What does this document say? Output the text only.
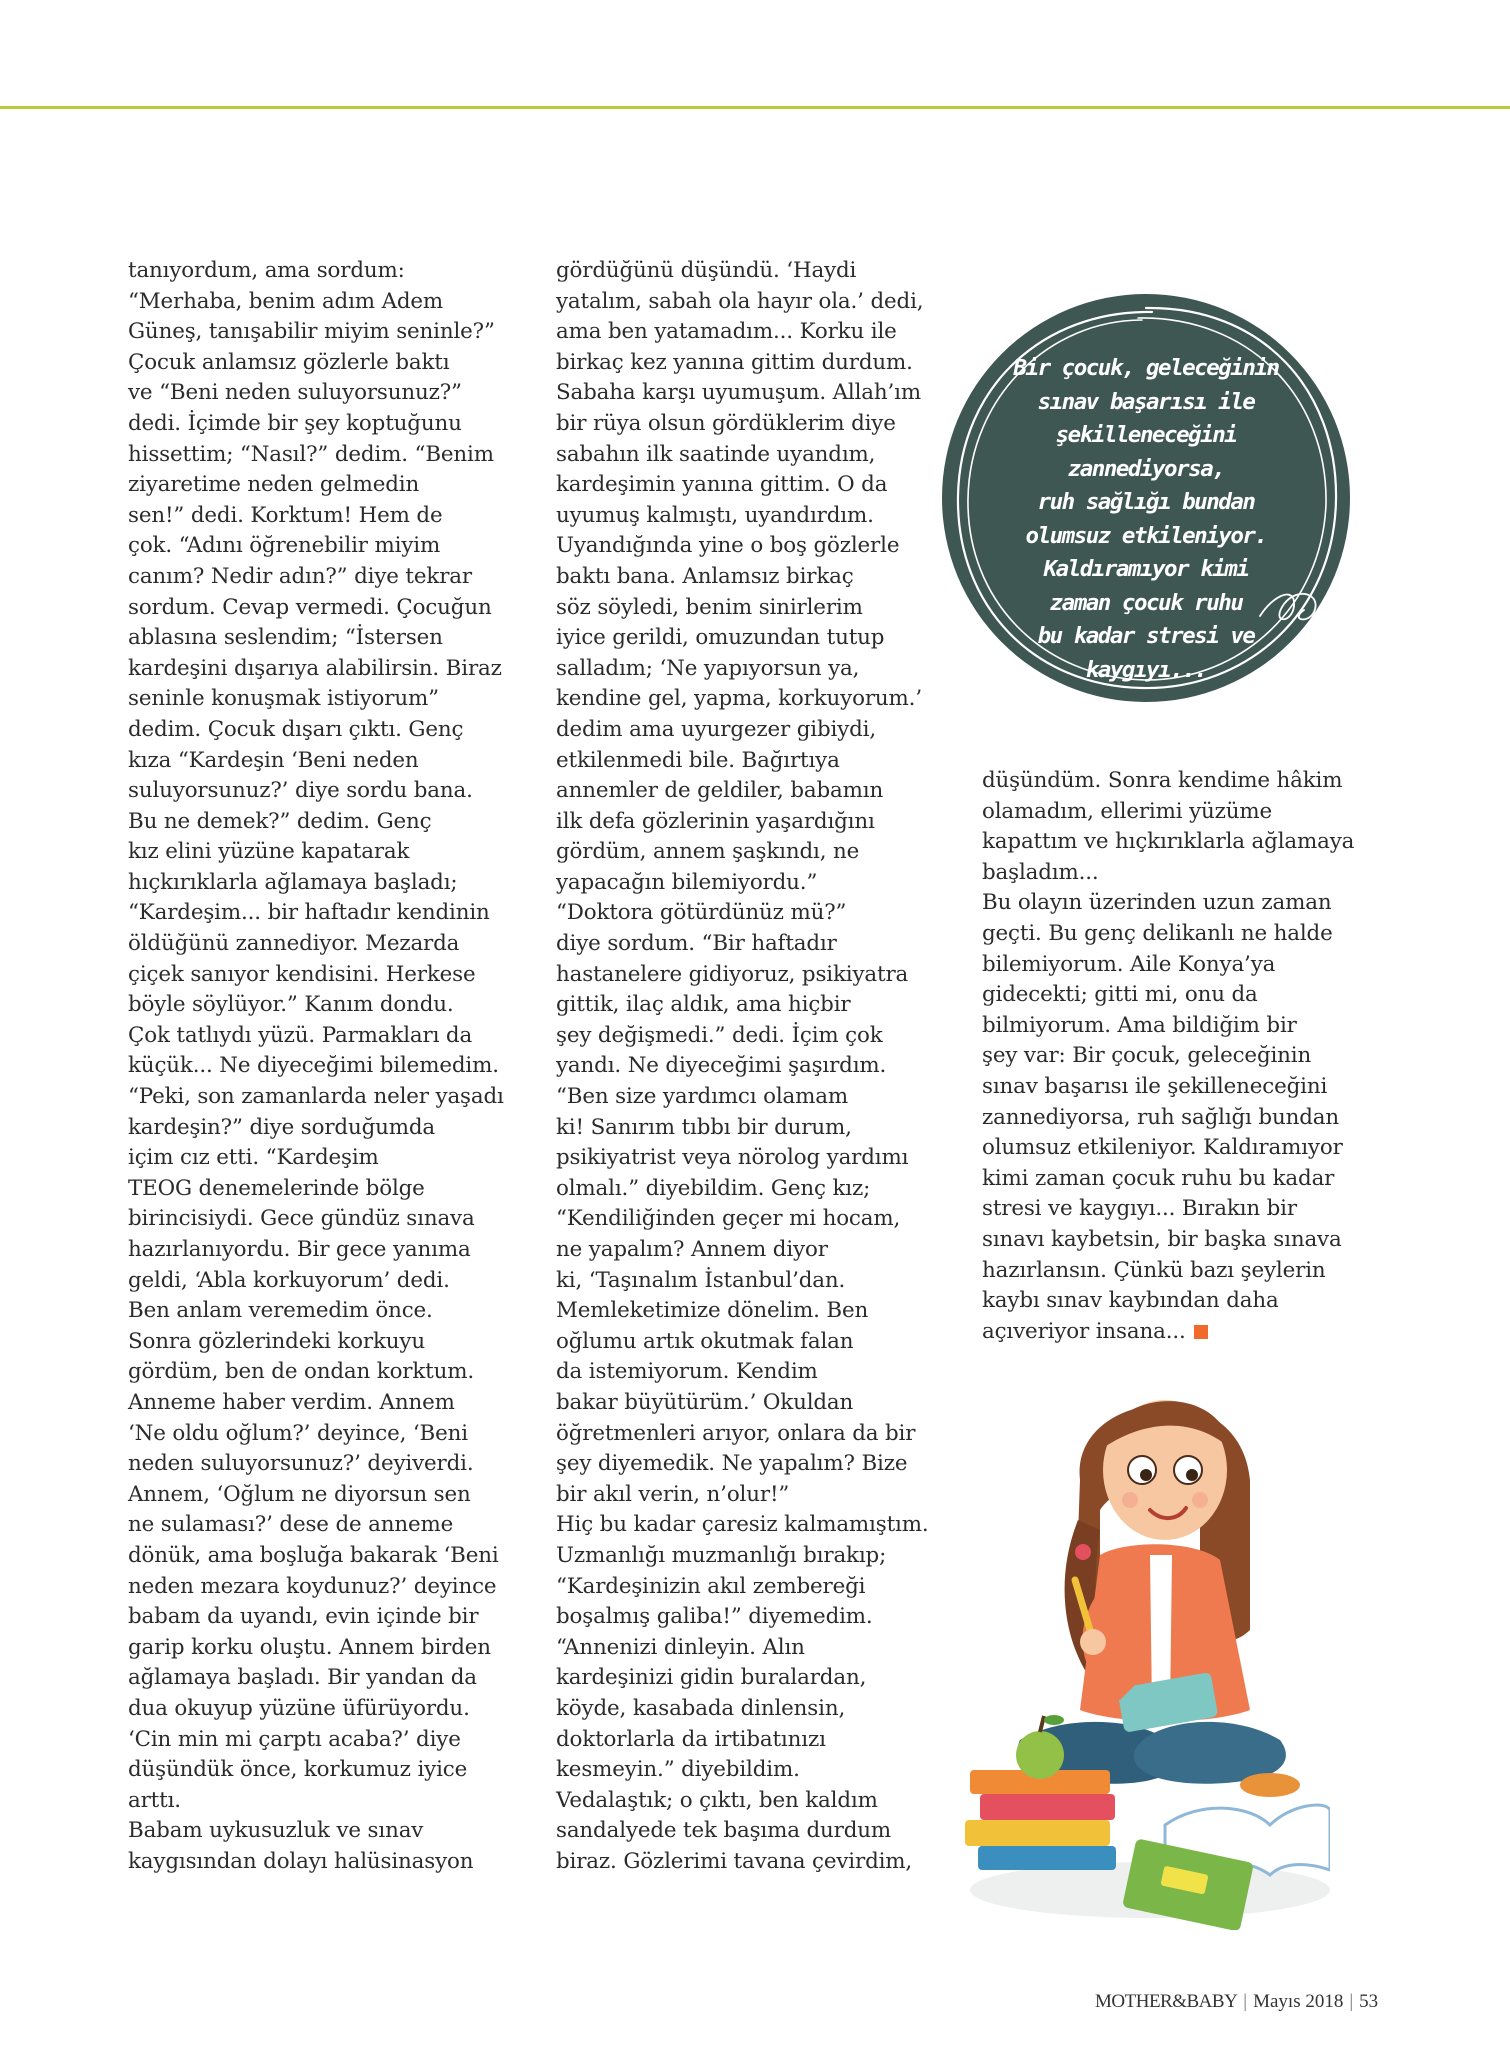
tanıyordum, ama sordum:

“Merhaba, benim adım Adem

Güneş, tanışabilir miyim seninle?”

Çocuk anlamsız gözlerle baktı

ve “Beni neden suluyorsunuz?”

dedi. İçimde bir şey koptuğunu

hissettim; “Nasıl?” dedim. “Benim

ziyaretime neden gelmedin

sen!” dedi. Korktum! Hem de

çok. “Adını öğrenebilir miyim

canım? Nedir adın?” diye tekrar

sordum. Cevap vermedi. Çocuğun

ablasına seslendim; “İstersen

kardeşini dışarıya alabilirsin. Biraz

seninle konuşmak istiyorum”

dedim. Çocuk dışarı çıktı. Genç

kıza “Kardeşin ‘Beni neden

suluyorsunuz?’ diye sordu bana.

Bu ne demek?” dedim. Genç

kız elini yüzüne kapatarak

hıçkırıklarla ağlamaya başladı;

“Kardeşim... bir haftadır kendinin

öldüğünü zannediyor. Mezarda

çiçek sanıyor kendisini. Herkese

böyle söylüyor.” Kanım dondu.

Çok tatlıydı yüzü. Parmakları da

küçük... Ne diyeceğimi bilemedim.

“Peki, son zamanlarda neler yaşadı

kardeşin?” diye sorduğumda

içim cız etti. “Kardeşim

TEOG denemelerinde bölge

birincisiydi. Gece gündüz sınava

hazırlanıyordu. Bir gece yanıma

geldi, ‘Abla korkuyorum’ dedi.

Ben anlam veremedim önce.

Sonra gözlerindeki korkuyu

gördüm, ben de ondan korktum.

Anneme haber verdim. Annem

‘Ne oldu oğlum?’ deyince, ‘Beni

neden suluyorsunuz?’ deyiverdi.

Annem, ‘Oğlum ne diyorsun sen

ne sulaması?’ dese de anneme

dönük, ama boşluğa bakarak ‘Beni

neden mezara koydunuz?’ deyince

babam da uyandı, evin içinde bir

garip korku oluştu. Annem birden

ağlamaya başladı. Bir yandan da

dua okuyup yüzüne üfürüyordu.

‘Cin min mi çarptı acaba?’ diye

düşündük önce, korkumuz iyice

arttı.

Babam uykusuzluk ve sınav

kaygısından dolayı halüsinasyon

gördüğünü düşündü. ‘Haydi

yatalım, sabah ola hayır ola.’ dedi,

ama ben yatamadım... Korku ile

birkaç kez yanına gittim durdum.

Sabaha karşı uyumuşum. Allah’ım

bir rüya olsun gördüklerim diye

sabahın ilk saatinde uyandım,

kardeşimin yanına gittim. O da

uyumuş kalmıştı, uyandırdım.

Uyandığında yine o boş gözlerle

baktı bana. Anlamsız birkaç

söz söyledi, benim sinirlerim

iyice gerildi, omuzundan tutup

salladım; ‘Ne yapıyorsun ya,

kendine gel, yapma, korkuyorum.’

dedim ama uyurgezer gibiydi,

etkilenmedi bile. Bağırtıya

annemler de geldiler, babamın

ilk defa gözlerinin yaşardığını

gördüm, annem şaşkındı, ne

yapacağın bilemiyordu.”

“Doktora götürdünüz mü?”

diye sordum. “Bir haftadır

hastanelere gidiyoruz, psikiyatra

gittik, ilaç aldık, ama hiçbir

şey değişmedi.” dedi. İçim çok

yandı. Ne diyeceğimi şaşırdım.

“Ben size yardımcı olamam

ki! Sanırım tıbbı bir durum,

psikiyatrist veya nörolog yardımı

olmalı.” diyebildim. Genç kız;

“Kendiliğinden geçer mi hocam,

ne yapalım? Annem diyor

ki, ‘Taşınalım İstanbul’dan.

Memleketimize dönelim. Ben

oğlumu artık okutmak falan

da istemiyorum. Kendim

bakar büyütürüm.’ Okuldan

öğretmenleri arıyor, onlara da bir

şey diyemedik. Ne yapalım? Bize

bir akıl verin, n’olur!”

Hiç bu kadar çaresiz kalmamıştım.

Uzmanlığı muzmanlığı bırakıp;

“Kardeşinizin akıl zembereği

boşalmış galiba!” diyemedim.

“Annenizi dinleyin. Alın

kardeşinizi gidin buralardan,

köyde, kasabada dinlensin,

doktorlarla da irtibatınızı

kesmeyin.” diyebildim.

Vedalaştık; o çıktı, ben kaldım

sandalyede tek başıma durdum

biraz. Gözlerimi tavana çevirdim,

düşündüm. Sonra kendime hâkim

olamadım, ellerimi yüzüme

kapattım ve hıçkırıklarla ağlamaya

başladım...

Bu olayın üzerinden uzun zaman

geçti. Bu genç delikanlı ne halde

bilemiyorum. Aile Konya’ya

gidecekti; gitti mi, onu da

bilmiyorum. Ama bildiğim bir

şey var: Bir çocuk, geleceğinin

sınav başarısı ile şekilleneceğini

zannediyorsa, ruh sağlığı bundan

olumsuz etkileniyor. Kaldıramıyor

kimi zaman çocuk ruhu bu kadar

stresi ve kaygıyı... Bırakın bir

sınavı kaybetsin, bir başka sınava

hazırlansın. Çünkü bazı şeylerin

kaybı sınav kaybından daha

açıveriyor insana...

Bir çocuk, geleceğinin
sınav başarısı ile
şekilleneceğini
zannediyorsa,
ruh sağlığı bundan
olumsuz etkileniyor.
Kaldıramıyor kimi
zaman çocuk ruhu
bu kadar stresi ve
kaygıyı...

MOTHER&BABY | Mayıs 2018 | 53
